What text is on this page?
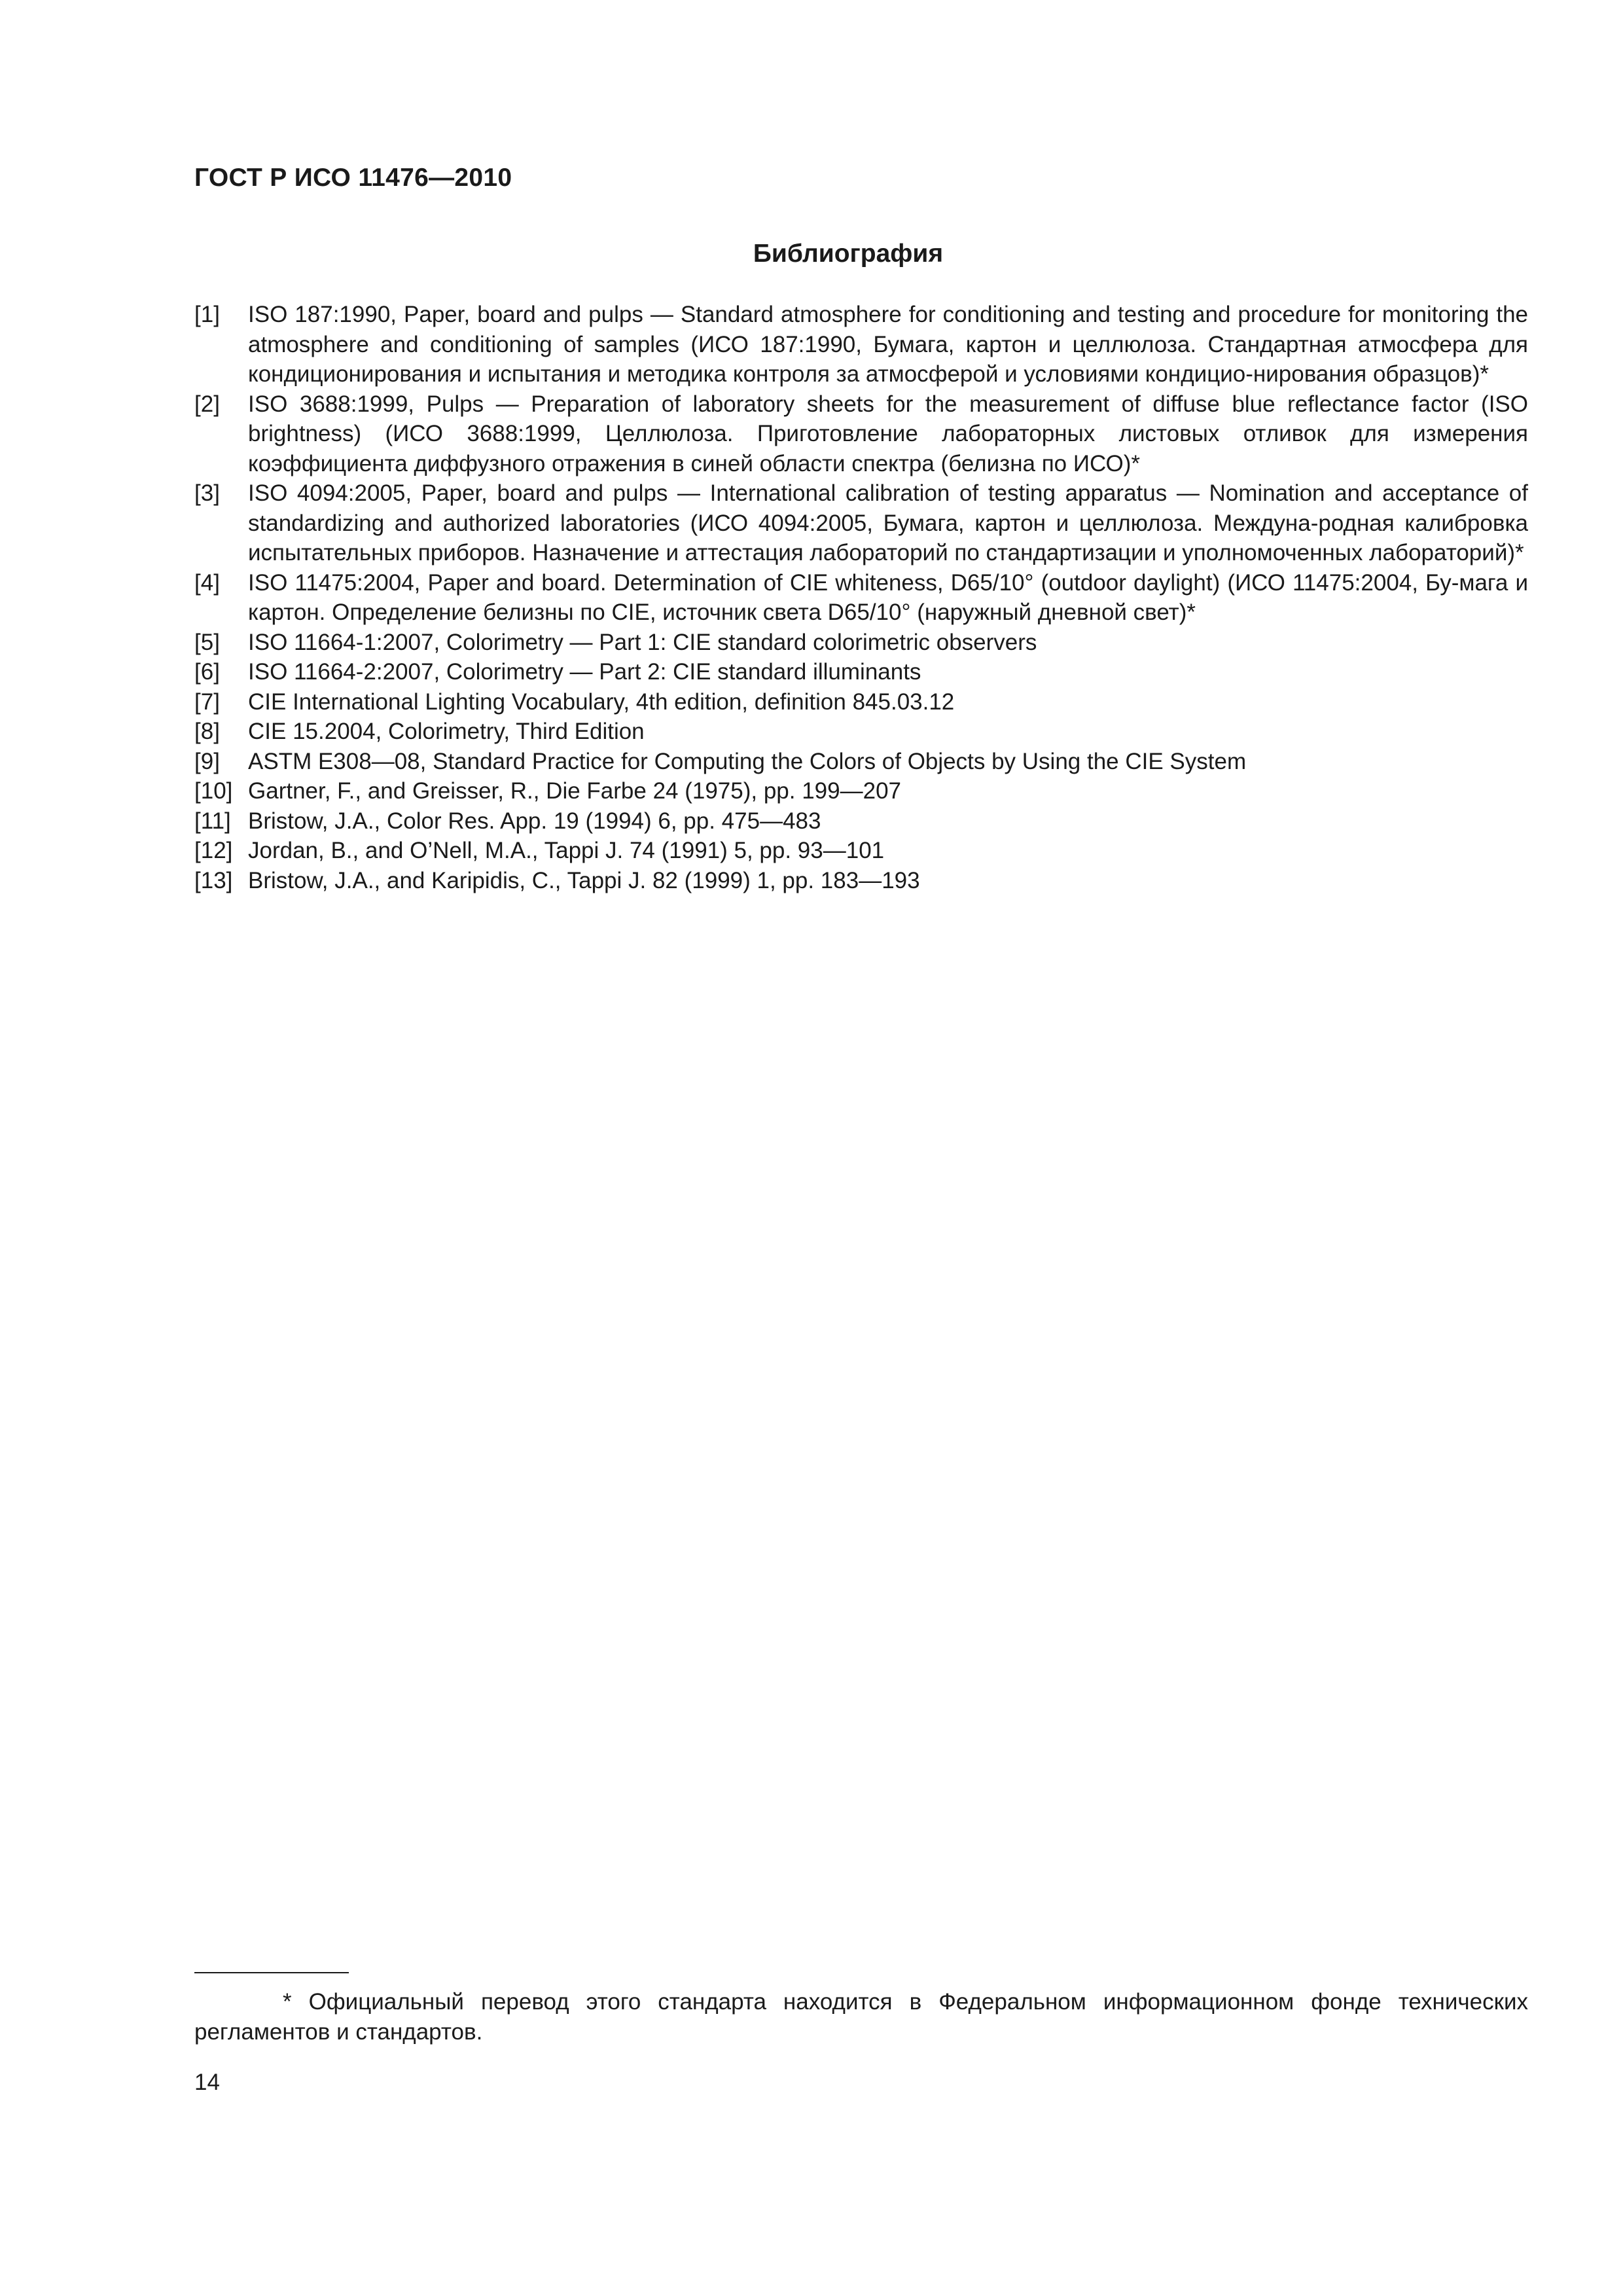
ГОСТ Р ИСО 11476—2010
Библиография
[1] ISO 187:1990, Paper, board and pulps — Standard atmosphere for conditioning and testing and procedure for monitoring the atmosphere and conditioning of samples (ИСО 187:1990, Бумага, картон и целлюлоза. Стандартная атмосфера для кондиционирования и испытания и методика контроля за атмосферой и условиями кондицио-нирования образцов)*
[2] ISO 3688:1999, Pulps — Preparation of laboratory sheets for the measurement of diffuse blue reflectance factor (ISO brightness) (ИСО 3688:1999, Целлюлоза. Приготовление лабораторных листовых отливок для измерения коэффициента диффузного отражения в синей области спектра (белизна по ИСО)*
[3] ISO 4094:2005, Paper, board and pulps — International calibration of testing apparatus — Nomination and acceptance of standardizing and authorized laboratories (ИСО 4094:2005, Бумага, картон и целлюлоза. Междуна-родная калибровка испытательных приборов. Назначение и аттестация лабораторий по стандартизации и уполномоченных лабораторий)*
[4] ISO 11475:2004, Paper and board. Determination of CIE whiteness, D65/10° (outdoor daylight) (ИСО 11475:2004, Бу-мага и картон. Определение белизны по CIE, источник света D65/10° (наружный дневной свет)*
[5] ISO 11664-1:2007, Colorimetry — Part 1: CIE standard colorimetric observers
[6] ISO 11664-2:2007, Colorimetry — Part 2: CIE standard illuminants
[7] CIE International Lighting Vocabulary, 4th edition, definition 845.03.12
[8] CIE 15.2004, Colorimetry, Third Edition
[9] ASTM E308—08, Standard Practice for Computing the Colors of Objects by Using the CIE System
[10] Gartner, F., and Greisser, R., Die Farbe 24 (1975), pp. 199—207
[11] Bristow, J.A., Color Res. App. 19 (1994) 6, pp. 475—483
[12] Jordan, B., and O’Nell, M.A., Tappi J. 74 (1991) 5, pp. 93—101
[13] Bristow, J.A., and Karipidis, C., Tappi J. 82 (1999) 1, pp. 183—193
* Официальный перевод этого стандарта находится в Федеральном информационном фонде технических регламентов и стандартов.
14
